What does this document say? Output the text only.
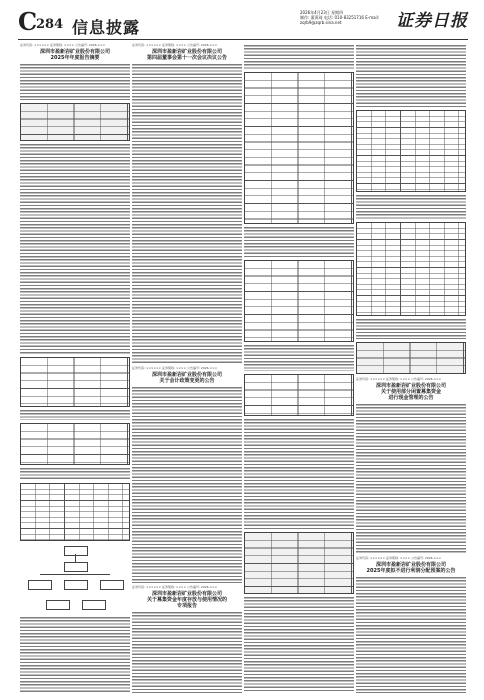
C
284 信息披露
2026年4月23日 星期四
制作: 董禹琦 电话: 010-83251716 E-mail: zqrb9@zqrb.sina.net	证券日报
证券代码: ×××××× 证券简称: ×××× 公告编号: 2026-×××
深圳市盈新岩矿业股份有限公司
2025年年度报告摘要
证券代码: ×××××× 证券简称: ×××× 公告编号: 2026-×××
深圳市盈新岩矿业股份有限公司
第四届董事会第十一次会议决议公告
证券代码: ×××××× 证券简称: ×××× 公告编号: 2026-×××
深圳市盈新岩矿业股份有限公司
关于会计政策变更的公告
证券代码: ×××××× 证券简称: ×××× 公告编号: 2026-×××
深圳市盈新岩矿业股份有限公司
关于募集资金年度存放与使用情况的
专项报告
证券代码: ×××××× 证券简称: ×××× 公告编号: 2026-×××
深圳市盈新岩矿业股份有限公司
关于使用部分闲置募集资金
进行现金管理的公告
证券代码: ×××××× 证券简称: ×××× 公告编号: 2026-×××
深圳市盈新岩矿业股份有限公司
2025年度拟不进行利润分配预案的公告
